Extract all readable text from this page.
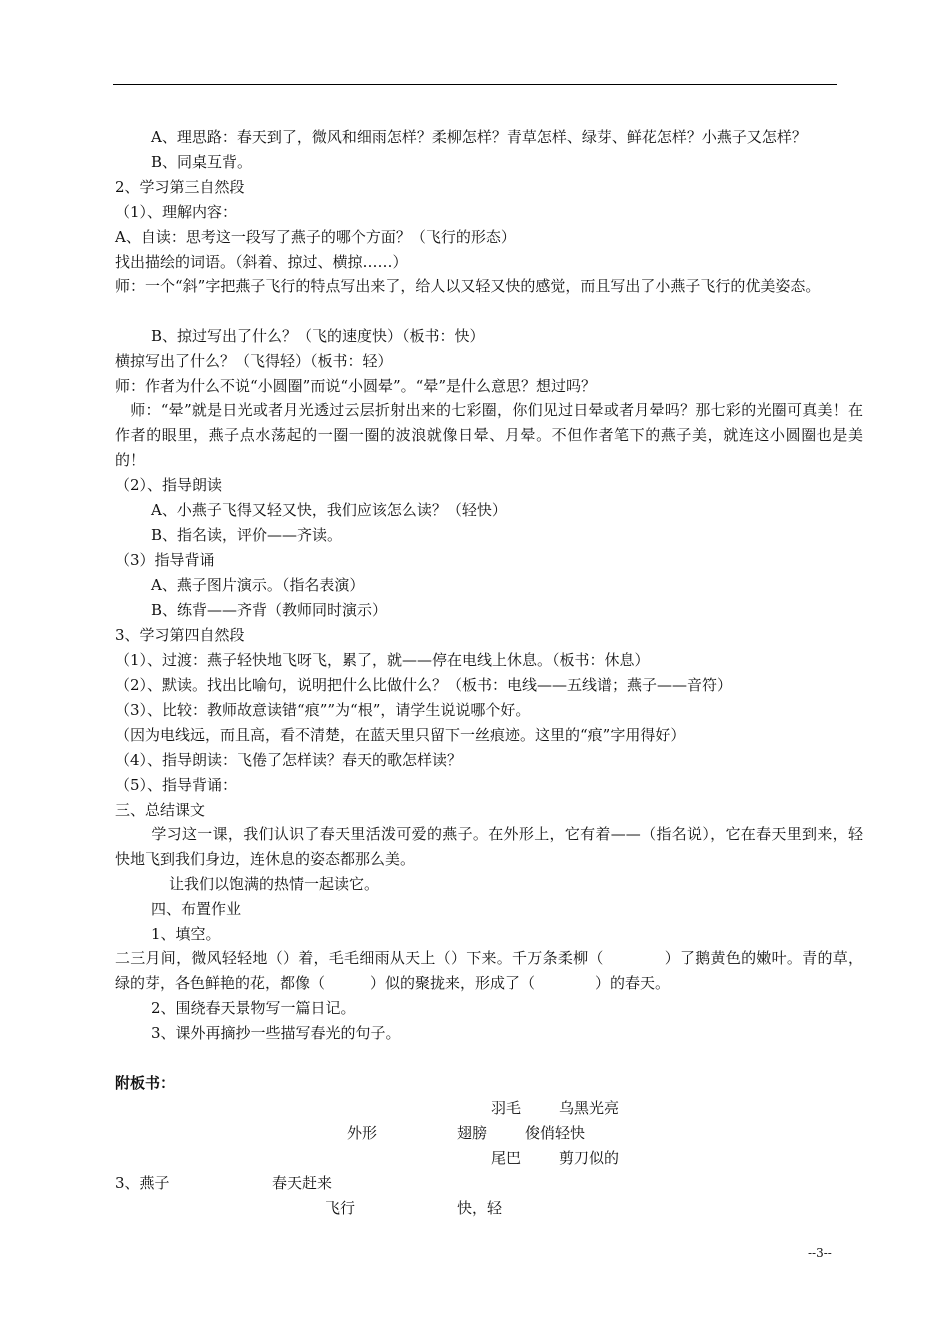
A、理思路：春天到了，微风和细雨怎样？柔柳怎样？青草怎样、绿芽、鲜花怎样？小燕子又怎样？
B、同桌互背。
2、学习第三自然段
（1）、理解内容：
A、自读：思考这一段写了燕子的哪个方面？（飞行的形态）
找出描绘的词语。（斜着、掠过、横掠……）
师：一个“斜”字把燕子飞行的特点写出来了，给人以又轻又快的感觉，而且写出了小燕子飞行的优美姿态。
B、掠过写出了什么？（飞的速度快）（板书：快）
横掠写出了什么？（飞得轻）（板书：轻）
师：作者为什么不说“小圆圈”而说“小圆晕”。“晕”是什么意思？想过吗？
师：“晕”就是日光或者月光透过云层折射出来的七彩圈，你们见过日晕或者月晕吗？那七彩的光圈可真美！在作者的眼里，燕子点水荡起的一圈一圈的波浪就像日晕、月晕。不但作者笔下的燕子美，就连这小圆圈也是美的！
（2）、指导朗读
A、小燕子飞得又轻又快，我们应该怎么读？（轻快）
B、指名读，评价——齐读。
（3）指导背诵
A、燕子图片演示。（指名表演）
B、练背——齐背（教师同时演示）
3、学习第四自然段
（1）、过渡：燕子轻快地飞呀飞，累了，就——停在电线上休息。（板书：休息）
（2）、默读。找出比喻句，说明把什么比做什么？（板书：电线——五线谱；燕子——音符）
（3）、比较：教师故意读错“痕””为“根”，请学生说说哪个好。
（因为电线远，而且高，看不清楚，在蓝天里只留下一丝痕迹。这里的“痕”字用得好）
（4）、指导朗读：飞倦了怎样读？春天的歌怎样读？
（5）、指导背诵：
三、总结课文
学习这一课，我们认识了春天里活泼可爱的燕子。在外形上，它有着——（指名说），它在春天里到来，轻快地飞到我们身边，连休息的姿态都那么美。
让我们以饱满的热情一起读它。
四、布置作业
1、填空。
二三月间，微风轻轻地（）着，毛毛细雨从天上（）下来。千万条柔柳（　　　　）了鹅黄色的嫩叶。青的草，绿的芽，各色鲜艳的花，都像（　　　）似的聚拢来，形成了（　　　　）的春天。
2、围绕春天景物写一篇日记。
3、课外再摘抄一些描写春光的句子。
附板书：
羽毛	乌黑光亮
外形	翅膀	俊俏轻快
尾巴	剪刀似的
3、燕子	春天赶来
飞行	快，轻
--3--
